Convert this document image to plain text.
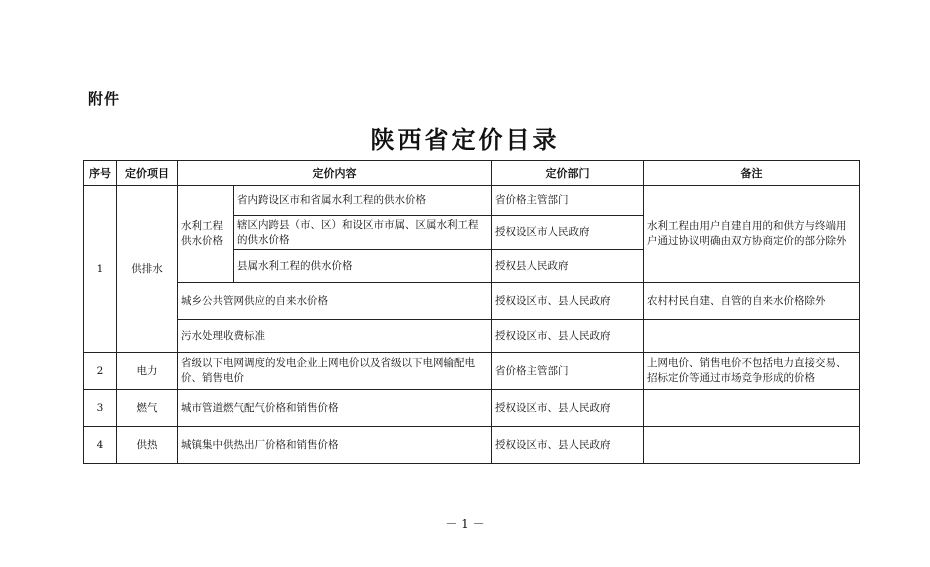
附件
陕西省定价目录
序号	定价项目	定价内容		定价部门	备注
1	供排水	水利工程供水价格	省内跨设区市和省属水利工程的供水价格	省价格主管部门	水利工程由用户自建自用的和供方与终端用户通过协议明确由双方协商定价的部分除外
			辖区内跨县（市、区）和设区市市属、区属水利工程的供水价格	授权设区市人民政府	
			县属水利工程的供水价格	授权县人民政府	
		城乡公共管网供应的自来水价格		授权设区市、县人民政府	农村村民自建、自管的自来水价格除外
		污水处理收费标准		授权设区市、县人民政府	
2	电力	省级以下电网调度的发电企业上网电价以及省级以下电网输配电价、销售电价		省价格主管部门	上网电价、销售电价不包括电力直接交易、招标定价等通过市场竞争形成的价格
3	燃气	城市管道燃气配气价格和销售价格		授权设区市、县人民政府	
4	供热	城镇集中供热出厂价格和销售价格		授权设区市、县人民政府	
－ 1 －
